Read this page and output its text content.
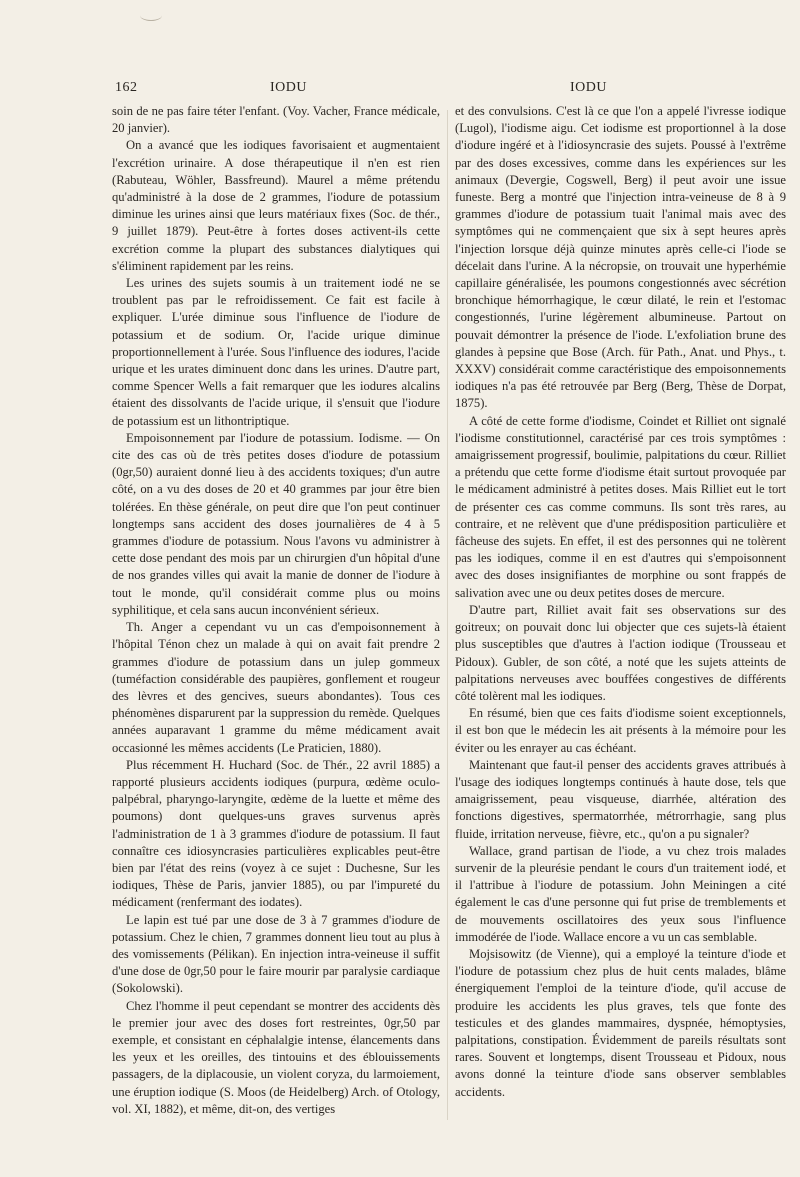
162	IODU	IODU

soin de ne pas faire téter l'enfant. (Voy. Vacher, France médicale, 20 janvier).

On a avancé que les iodiques favorisaient et augmentaient l'excrétion urinaire. A dose thérapeutique il n'en est rien (Rabuteau, Wöhler, Bassfreund). Maurel a même prétendu qu'administré à la dose de 2 grammes, l'iodure de potassium diminue les urines ainsi que leurs matériaux fixes (Soc. de thér., 9 juillet 1879). Peut-être à fortes doses activent-ils cette excrétion comme la plupart des substances dialytiques qui s'éliminent rapidement par les reins.

Les urines des sujets soumis à un traitement iodé ne se troublent pas par le refroidissement. Ce fait est facile à expliquer. L'urée diminue sous l'influence de l'iodure de potassium et de sodium. Or, l'acide urique diminue proportionnellement à l'urée. Sous l'influence des iodures, l'acide urique et les urates diminuent donc dans les urines. D'autre part, comme Spencer Wells a fait remarquer que les iodures alcalins étaient des dissolvants de l'acide urique, il s'ensuit que l'iodure de potassium est un lithontriptique.

Empoisonnement par l'iodure de potassium. Iodisme. — On cite des cas où de très petites doses d'iodure de potassium (0gr,50) auraient donné lieu à des accidents toxiques; d'un autre côté, on a vu des doses de 20 et 40 grammes par jour être bien tolérées. En thèse générale, on peut dire que l'on peut continuer longtemps sans accident des doses journalières de 4 à 5 grammes d'iodure de potassium. Nous l'avons vu administrer à cette dose pendant des mois par un chirurgien d'un hôpital d'une de nos grandes villes qui avait la manie de donner de l'iodure à tout le monde, qu'il considérait comme plus ou moins syphilitique, et cela sans aucun inconvénient sérieux.

Th. Anger a cependant vu un cas d'empoisonnement à l'hôpital Ténon chez un malade à qui on avait fait prendre 2 grammes d'iodure de potassium dans un julep gommeux (tuméfaction considérable des paupières, gonflement et rougeur des lèvres et des gencives, sueurs abondantes). Tous ces phénomènes disparurent par la suppression du remède. Quelques années auparavant 1 gramme du même médicament avait occasionné les mêmes accidents (Le Praticien, 1880).

Plus récemment H. Huchard (Soc. de Thér., 22 avril 1885) a rapporté plusieurs accidents iodiques (purpura, œdème oculo-palpébral, pharyngo-laryngite, œdème de la luette et même des poumons) dont quelques-uns graves survenus après l'administration de 1 à 3 grammes d'iodure de potassium. Il faut connaître ces idiosyncrasies particulières explicables peut-être bien par l'état des reins (voyez à ce sujet : Duchesne, Sur les iodiques, Thèse de Paris, janvier 1885), ou par l'impureté du médicament (renfermant des iodates).

Le lapin est tué par une dose de 3 à 7 grammes d'iodure de potassium. Chez le chien, 7 grammes donnent lieu tout au plus à des vomissements (Pélikan). En injection intra-veineuse il suffit d'une dose de 0gr,50 pour le faire mourir par paralysie cardiaque (Sokolowski).

Chez l'homme il peut cependant se montrer des accidents dès le premier jour avec des doses fort restreintes, 0gr,50 par exemple, et consistant en céphalalgie intense, élancements dans les yeux et les oreilles, des tintouins et des éblouissements passagers, de la diplacousie, un violent coryza, du larmoiement, une éruption iodique (S. Moos (de Heidelberg) Arch. of Otology, vol. XI, 1882), et même, dit-on, des vertiges

et des convulsions. C'est là ce que l'on a appelé l'ivresse iodique (Lugol), l'iodisme aigu. Cet iodisme est proportionnel à la dose d'iodure ingéré et à l'idiosyncrasie des sujets. Poussé à l'extrême par des doses excessives, comme dans les expériences sur les animaux (Devergie, Cogswell, Berg) il peut avoir une issue funeste. Berg a montré que l'injection intra-veineuse de 8 à 9 grammes d'iodure de potassium tuait l'animal mais avec des symptômes qui ne commençaient que six à sept heures après l'injection lorsque déjà quinze minutes après celle-ci l'iode se décelait dans l'urine. A la nécropsie, on trouvait une hyperhémie capillaire généralisée, les poumons congestionnés avec sécrétion bronchique hémorrhagique, le cœur dilaté, le rein et l'estomac congestionnés, l'urine légèrement albumineuse. Partout on pouvait démontrer la présence de l'iode. L'exfoliation brune des glandes à pepsine que Bose (Arch. für Path., Anat. und Phys., t. XXXV) considérait comme caractéristique des empoisonnements iodiques n'a pas été retrouvée par Berg (Berg, Thèse de Dorpat, 1875).

A côté de cette forme d'iodisme, Coindet et Rilliet ont signalé l'iodisme constitutionnel, caractérisé par ces trois symptômes : amaigrissement progressif, boulimie, palpitations du cœur. Rilliet a prétendu que cette forme d'iodisme était surtout provoquée par le médicament administré à petites doses. Mais Rilliet eut le tort de présenter ces cas comme communs. Ils sont très rares, au contraire, et ne relèvent que d'une prédisposition particulière et fâcheuse des sujets. En effet, il est des personnes qui ne tolèrent pas les iodiques, comme il en est d'autres qui s'empoisonnent avec des doses insignifiantes de morphine ou sont frappés de salivation avec une ou deux petites doses de mercure.

D'autre part, Rilliet avait fait ses observations sur des goitreux; on pouvait donc lui objecter que ces sujets-là étaient plus susceptibles que d'autres à l'action iodique (Trousseau et Pidoux). Gubler, de son côté, a noté que les sujets atteints de palpitations nerveuses avec bouffées congestives de différents côté tolèrent mal les iodiques.

En résumé, bien que ces faits d'iodisme soient exceptionnels, il est bon que le médecin les ait présents à la mémoire pour les éviter ou les enrayer au cas échéant.

Maintenant que faut-il penser des accidents graves attribués à l'usage des iodiques longtemps continués à haute dose, tels que amaigrissement, peau visqueuse, diarrhée, altération des fonctions digestives, spermatorrhée, métrorrhagie, sang plus fluide, irritation nerveuse, fièvre, etc., qu'on a pu signaler?

Wallace, grand partisan de l'iode, a vu chez trois malades survenir de la pleurésie pendant le cours d'un traitement iodé, et il l'attribue à l'iodure de potassium. John Meiningen a cité également le cas d'une personne qui fut prise de tremblements et de mouvements oscillatoires des yeux sous l'influence immodérée de l'iode. Wallace encore a vu un cas semblable.

Mojsisowitz (de Vienne), qui a employé la teinture d'iode et l'iodure de potassium chez plus de huit cents malades, blâme énergiquement l'emploi de la teinture d'iode, qu'il accuse de produire les accidents les plus graves, tels que fonte des testicules et des glandes mammaires, dyspnée, hémoptysies, palpitations, constipation. Évidemment de pareils résultats sont rares. Souvent et longtemps, disent Trousseau et Pidoux, nous avons donné la teinture d'iode sans observer semblables accidents.
